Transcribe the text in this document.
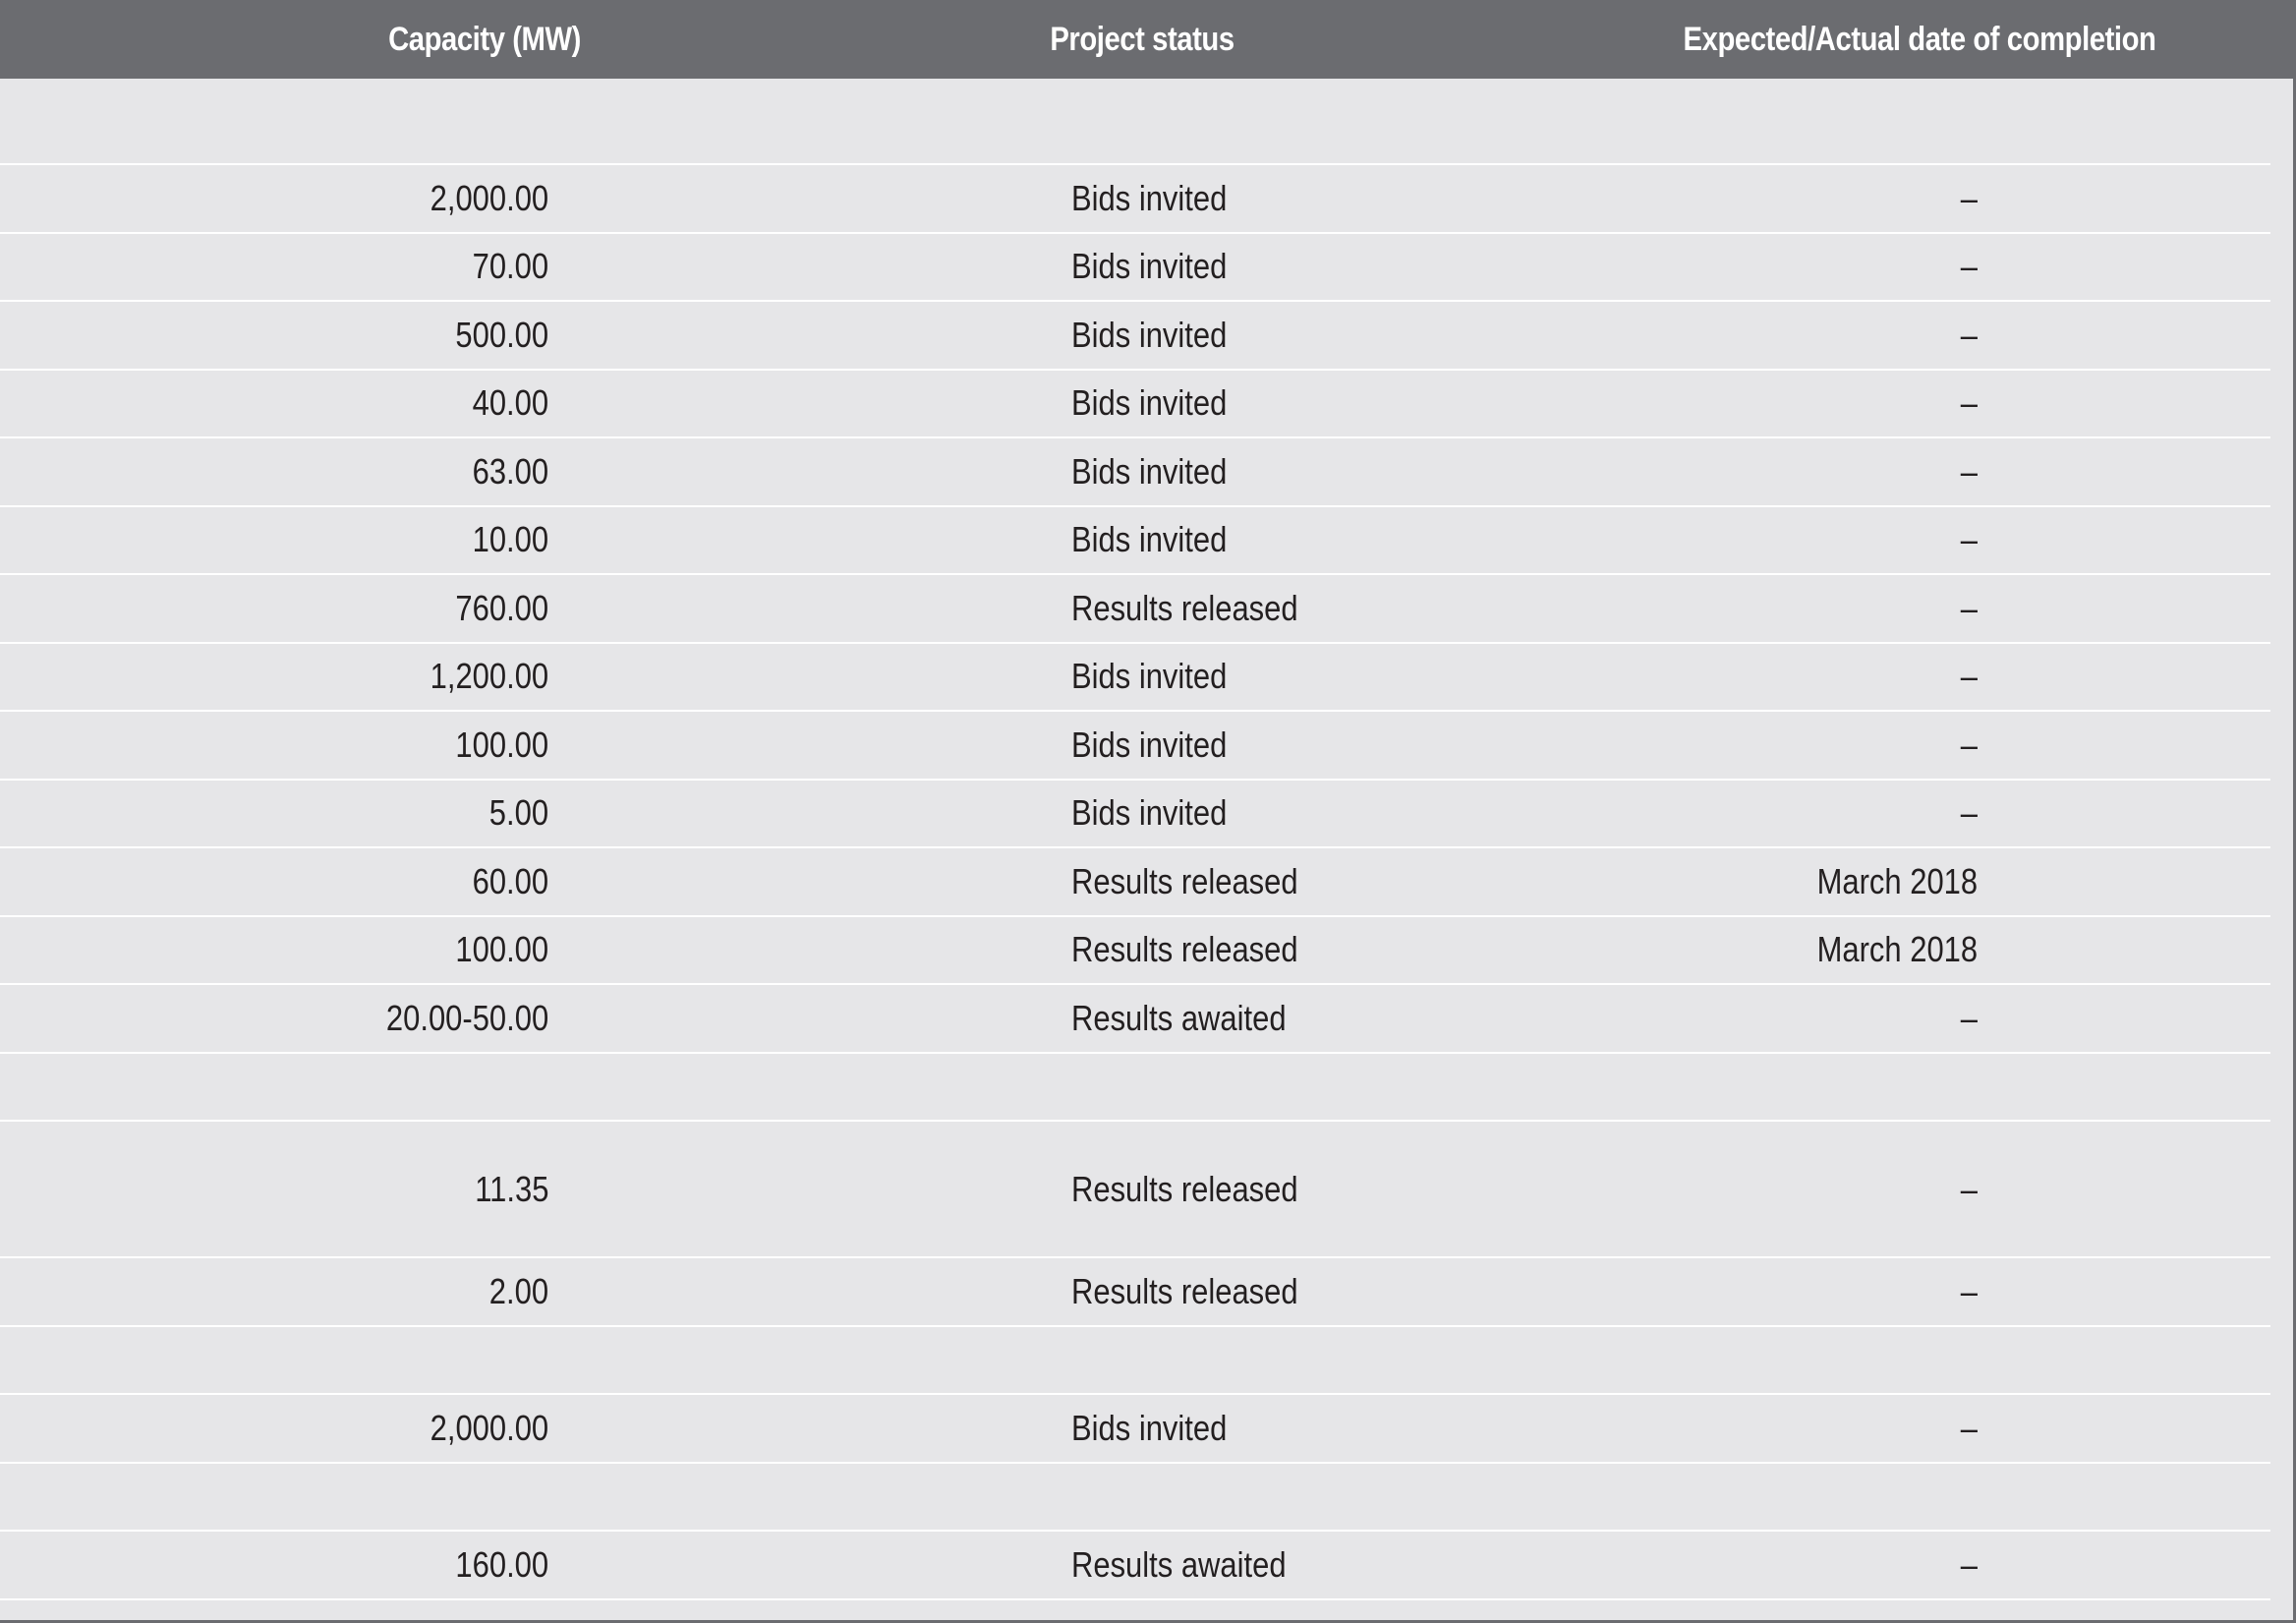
Capacity (MW)	Project status	Expected/Actual date of completion
2,000.00	Bids invited	–
70.00	Bids invited	–
500.00	Bids invited	–
40.00	Bids invited	–
63.00	Bids invited	–
10.00	Bids invited	–
760.00	Results released	–
1,200.00	Bids invited	–
100.00	Bids invited	–
5.00	Bids invited	–
60.00	Results released	March 2018
100.00	Results released	March 2018
20.00-50.00	Results awaited	–
11.35	Results released	–
2.00	Results released	–
2,000.00	Bids invited	–
160.00	Results awaited	–
